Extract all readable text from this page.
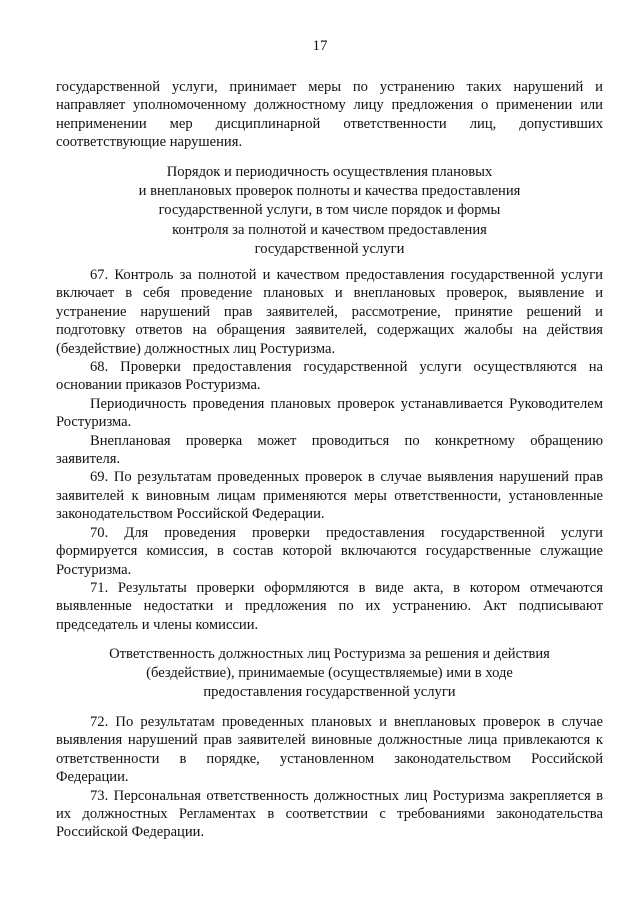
17

государственной услуги, принимает меры по устранению таких нарушений и

направляет уполномоченному должностному лицу предложения о применении или

неприменении мер дисциплинарной ответственности лиц, допустивших

соответствующие нарушения.

Порядок и периодичность осуществления плановых
и внеплановых проверок полноты и качества предоставления
государственной услуги, в том числе порядок и формы
контроля за полнотой и качеством предоставления
государственной услуги

67. Контроль за полнотой и качеством предоставления государственной услуги

включает в себя проведение плановых и внеплановых проверок, выявление и

устранение нарушений прав заявителей, рассмотрение, принятие решений и

подготовку ответов на обращения заявителей, содержащих жалобы на действия

(бездействие) должностных лиц Ростуризма.

68. Проверки предоставления государственной услуги осуществляются на

основании приказов Ростуризма.

Периодичность проведения плановых проверок устанавливается Руководителем

Ростуризма.

Внеплановая проверка может проводиться по конкретному обращению

заявителя.

69. По результатам проведенных проверок в случае выявления нарушений прав

заявителей к виновным лицам применяются меры ответственности, установленные

законодательством Российской Федерации.

70. Для проведения проверки предоставления государственной услуги

формируется комиссия, в состав которой включаются государственные служащие

Ростуризма.

71. Результаты проверки оформляются в виде акта, в котором отмечаются

выявленные недостатки и предложения по их устранению. Акт подписывают

председатель и члены комиссии.

Ответственность должностных лиц Ростуризма за решения и действия
(бездействие), принимаемые (осуществляемые) ими в ходе
предоставления государственной услуги

72. По результатам проведенных плановых и внеплановых проверок в случае

выявления нарушений прав заявителей виновные должностные лица привлекаются к

ответственности в порядке, установленном законодательством Российской

Федерации.

73. Персональная ответственность должностных лиц Ростуризма закрепляется в

их должностных Регламентах в соответствии с требованиями законодательства

Российской Федерации.
